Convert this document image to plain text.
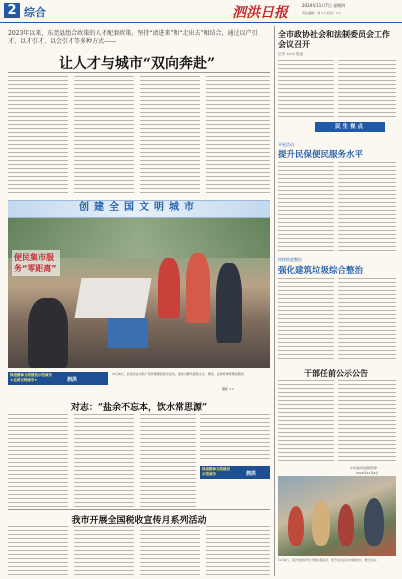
2 综合	泗洪日报	2024年11月7日 星期四
责任编辑：刘 ×× 校对：××
2023年以来，东莞县组合政策的人才配套政策，坚持“请进来”和“走出去”相结合，通过以产引才、以才引才、以会引才等多种方式——
让人才与城市“双向奔赴”
全市政协社会和法制委员会工作会议召开
记者 ××× 报道
民生视点
开展活动
提升民保便民服务水平
持续推进整治
强化建筑垃圾综合整治
干部任前公示公告
中共泗洪县委组织部
2024年11月6日
11月6日，某学校组织学生开展实践活动，孩子们在活动中体验快乐，增长见识。
创建全国文明城市
便民集市服务“零距离”
推进精神文明建设示范城市
★全国文明城市★	泗洪
11月6日，泗洪县在市民广场开展便民集市活动，现场为群众提供义诊、理发、法律咨询等便民服务。
摄影 ××
对志：“盐余不忘本，饮水常思源”
推进精神文明建设
示范城市	泗洪
我市开展全国税收宣传月系列活动
